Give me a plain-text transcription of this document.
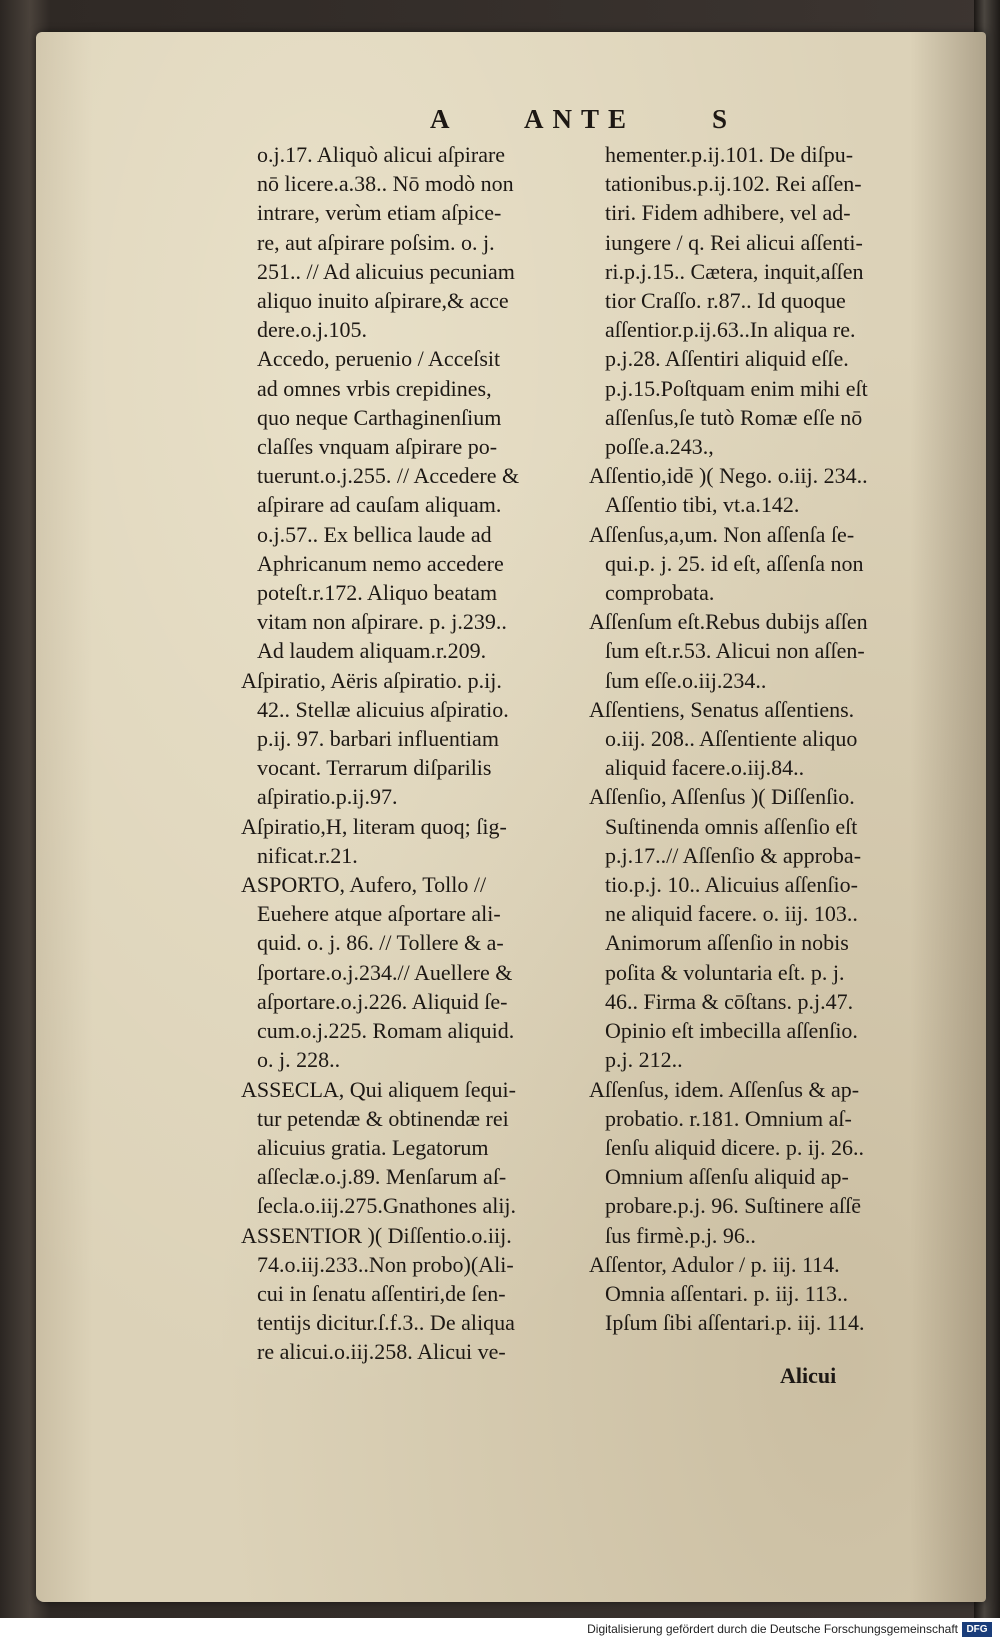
A	ANTE	S
o.j.17. Aliquò alicui aſpirare
nō licere.a.38.. Nō modò non
intrare, verùm etiam aſpice-
re, aut aſpirare poſsim. o. j.
251.. // Ad alicuius pecuniam
aliquo inuito aſpirare,& acce
dere.o.j.105.
Accedo, peruenio / Acceſsit
ad omnes vrbis crepidines,
quo neque Carthaginenſium
claſſes vnquam aſpirare po-
tuerunt.o.j.255. // Accedere &
aſpirare ad cauſam aliquam.
o.j.57.. Ex bellica laude ad
Aphricanum nemo accedere
poteſt.r.172. Aliquo beatam
vitam non aſpirare. p. j.239..
Ad laudem aliquam.r.209.
Aſpiratio, Aëris aſpiratio. p.ij.
42.. Stellæ alicuius aſpiratio.
p.ij. 97. barbari influentiam
vocant. Terrarum diſparilis
aſpiratio.p.ij.97.
Aſpiratio,H, literam quoq; ſig-
nificat.r.21.
ASPORTO, Aufero, Tollo //
Euehere atque aſportare ali-
quid. o. j. 86. // Tollere & a-
ſportare.o.j.234.// Auellere &
aſportare.o.j.226. Aliquid ſe-
cum.o.j.225. Romam aliquid.
o. j. 228..
ASSECLA, Qui aliquem ſequi-
tur petendæ & obtinendæ rei
alicuius gratia. Legatorum
aſſeclæ.o.j.89. Menſarum aſ-
ſecla.o.iij.275.Gnathones alij.
ASSENTIOR )( Diſſentio.o.iij.
74.o.iij.233..Non probo)(Ali-
cui in ſenatu aſſentiri,de ſen-
tentijs dicitur.ſ.f.3.. De aliqua
re alicui.o.iij.258. Alicui ve-
hementer.p.ij.101. De diſpu-
tationibus.p.ij.102. Rei aſſen-
tiri. Fidem adhibere, vel ad-
iungere / q. Rei alicui aſſenti-
ri.p.j.15.. Cætera, inquit,aſſen
tior Craſſo. r.87.. Id quoque
aſſentior.p.ij.63..In aliqua re.
p.j.28. Aſſentiri aliquid eſſe.
p.j.15.Poſtquam enim mihi eſt
aſſenſus,ſe tutò Romæ eſſe nō
poſſe.a.243.,
Aſſentio,idē )( Nego. o.iij. 234..
Aſſentio tibi, vt.a.142.
Aſſenſus,a,um. Non aſſenſa ſe-
qui.p. j. 25. id eſt, aſſenſa non
comprobata.
Aſſenſum eſt.Rebus dubijs aſſen
ſum eſt.r.53. Alicui non aſſen-
ſum eſſe.o.iij.234..
Aſſentiens, Senatus aſſentiens.
o.iij. 208.. Aſſentiente aliquo
aliquid facere.o.iij.84..
Aſſenſio, Aſſenſus )( Diſſenſio.
Suſtinenda omnis aſſenſio eſt
p.j.17..// Aſſenſio & approba-
tio.p.j. 10.. Alicuius aſſenſio-
ne aliquid facere. o. iij. 103..
Animorum aſſenſio in nobis
poſita & voluntaria eſt. p. j.
46.. Firma & cōſtans. p.j.47.
Opinio eſt imbecilla aſſenſio.
p.j. 212..
Aſſenſus, idem. Aſſenſus & ap-
probatio. r.181. Omnium aſ-
ſenſu aliquid dicere. p. ij. 26..
Omnium aſſenſu aliquid ap-
probare.p.j. 96. Suſtinere aſſē
ſus firmè.p.j. 96..
Aſſentor, Adulor / p. iij. 114.
Omnia aſſentari. p. iij. 113..
Ipſum ſibi aſſentari.p. iij. 114.
Alicui
Digitalisierung gefördert durch die Deutsche Forschungsgemeinschaft DFG
